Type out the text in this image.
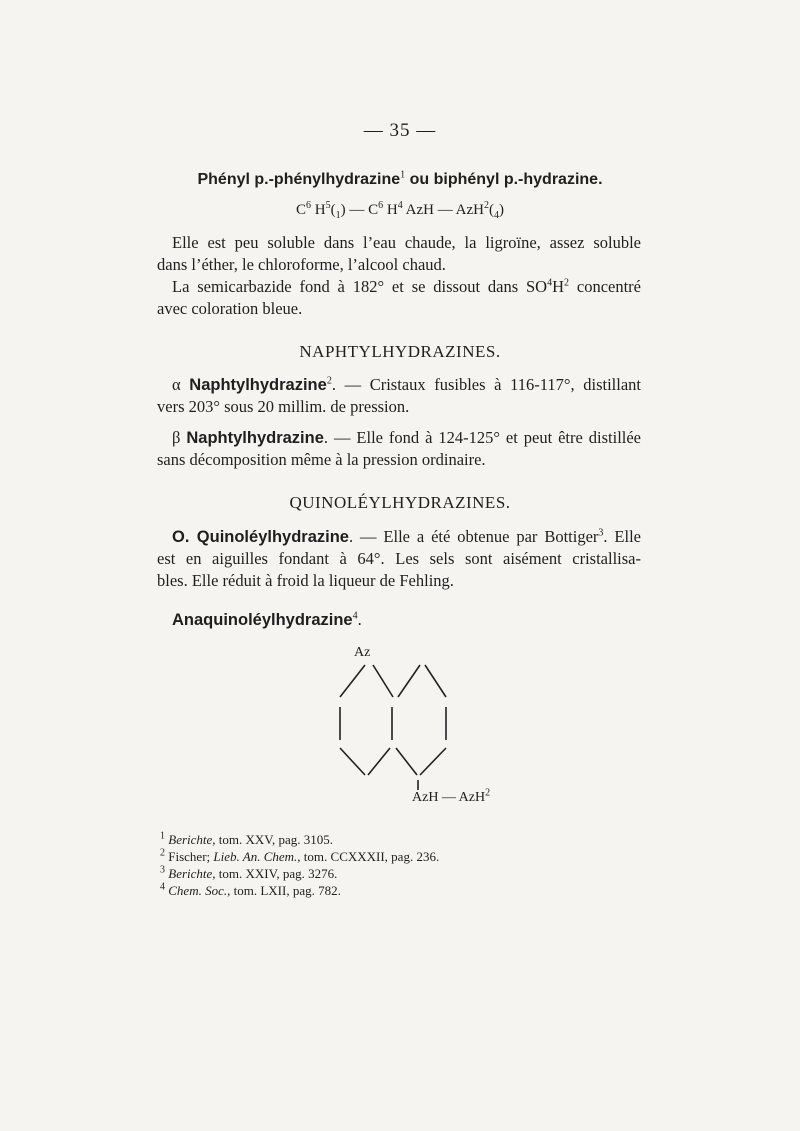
— 35 —
Phényl p.-phénylhydrazine$^1$ ou biphényl p.-hydrazine.
$C^6$ $H^5(_1)$ — $C^6$ $H^4$ AzH — $AzH^2(_4)$
Elle est peu soluble dans l’eau chaude, la ligroïne, assez soluble
dans l’éther, le chloroforme, l’alcool chaud.
La semicarbazide fond à 182° et se dissout dans $SO^4H^2$ concentré
avec coloration bleue.
NAPHTYLHYDRAZINES.
α Naphtylhydrazine$^2$. — Cristaux fusibles à 116-117°, distillant
vers 203° sous 20 millim. de pression.
β Naphtylhydrazine. — Elle fond à 124-125° et peut être distillée
sans décomposition même à la pression ordinaire.
QUINOLÉYLHYDRAZINES.
O. Quinoléylhydrazine. — Elle a été obtenue par Bottiger$^3$. Elle
est en aiguilles fondant à 64°. Les sels sont aisément cristallisa-
bles. Elle réduit à froid la liqueur de Fehling.
Anaquinoléylhydrazine$^4$.
Az
AzH — AzH$^2$
$^1$ Berichte, tom. XXV, pag. 3105.
$^2$ Fischer; Lieb. An. Chem., tom. CCXXXII, pag. 236.
$^3$ Berichte, tom. XXIV, pag. 3276.
$^4$ Chem. Soc., tom. LXII, pag. 782.
